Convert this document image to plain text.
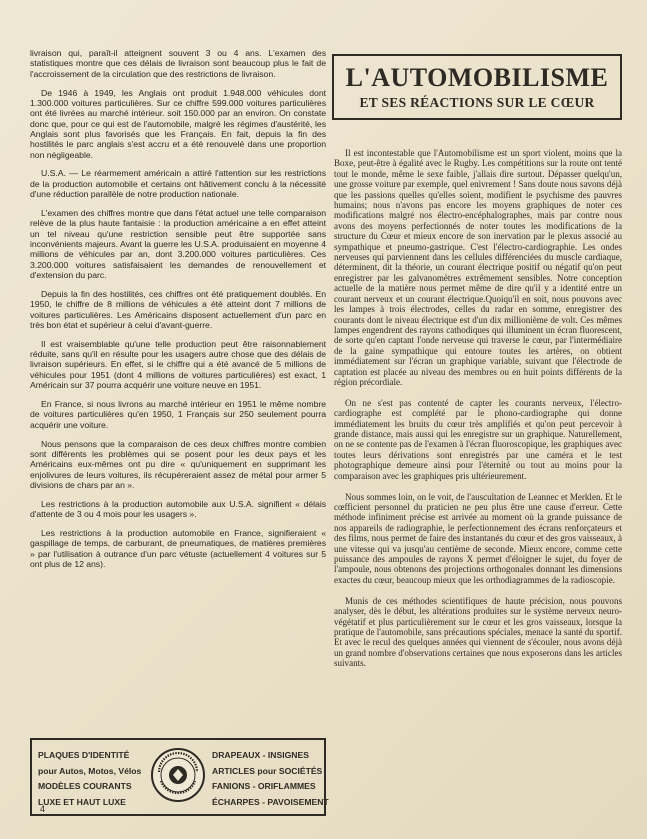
livraison qui, paraît-il atteignent souvent 3 ou 4 ans. L'examen des statistiques montre que ces délais de livraison sont beaucoup plus le fait de l'accroissement de la circulation que des restrictions de livraison.

De 1946 à 1949, les Anglais ont produit 1.948.000 véhicules dont 1.300.000 voitures particulières. Sur ce chiffre 599.000 voitures particulières ont été livrées au marché intérieur. soit 150.000 par an environ. On constate donc que, pour ce qui est de l'automobile, malgré les régimes d'austérité, les Anglais sont plus favorisés que les Français. En fait, depuis la fin des hostilités le parc anglais s'est accru et a été renouvelé dans une proportion non négligeable.

U.S.A. — Le réarmement américain a attiré l'attention sur les restrictions de la production automobile et certains ont hâtivement conclu à la nécessité d'une réduction parallèle de notre production nationale.

L'examen des chiffres montre que dans l'état actuel une telle comparaison relève de la plus haute fantaisie : la production américaine a en effet atteint un tel niveau qu'une restriction sensible peut être supportée sans inconvénients majeurs. Avant la guerre les U.S.A. produisaient en moyenne 4 millions de véhicules par an, dont 3.200.000 voitures particulières. Ces 3.200.000 voitures satisfaisaient les demandes de renouvellement et d'extension du parc.

Depuis la fin des hostilités, ces chiffres ont été pratiquement doublés. En 1950, le chiffre de 8 millions de véhicules a été atteint dont 7 millions de voitures particulières. Les Américains disposent actuellement d'un parc en très bon état et supérieur à celui d'avant-guerre.

Il est vraisemblable qu'une telle production peut être raisonnablement réduite, sans qu'il en résulte pour les usagers autre chose que des délais de livraison supérieurs. En effet, si le chiffre qui a été avancé de 5 millions de véhicules pour 1951 (dont 4 millions de voitures particulières) est exact, 1 Américain sur 37 pourra acquérir une voiture neuve en 1951.

En France, si nous livrons au marché intérieur en 1951 le même nombre de voitures particulières qu'en 1950, 1 Français sur 250 seulement pourra acquérir une voiture.

Nous pensons que la comparaison de ces deux chiffres montre combien sont différents les problèmes qui se posent pour les deux pays et les Américains eux-mêmes ont pu dire « qu'uniquement en supprimant les enjolivures de leurs voitures, ils récupéreraient assez de métal pour armer 5 divisions de chars par an ».

Les restrictions à la production automobile aux U.S.A. signifient « délais d'attente de 3 ou 4 mois pour les usagers ».

Les restrictions à la production automobile en France, signifieraient « gaspillage de temps, de carburant, de pneumatiques, de matières premières » par l'utilisation à outrance d'un parc vétuste (actuellement 4 voitures sur 5 ont plus de 12 ans).

L'AUTOMOBILISME
ET SES RÉACTIONS SUR LE CŒUR

Il est incontestable que l'Automobilisme est un sport violent, moins que la Boxe, peut-être à égalité avec le Rugby. Les compétitions sur la route ont tenté tout le monde, même le sexe faible, j'allais dire surtout. Dépasser quelqu'un, une grosse voiture par exemple, quel enivrement ! Sans doute nous savons déjà que les passions quelles qu'elles soient, modifient le psychisme des pauvres humains; nous n'avons pas encore les moyens graphiques de noter ces modifications malgré nos électro-encéphalographes, mais par contre nous avons des moyens perfectionnés de noter toutes les modifications de la structure du Cœur et mieux encore de son inervation par le plexus associé au sympathique et pneumo-gastrique. C'est l'électro-cardiographie. Les ondes nerveuses qui parviennent dans les cellules différenciées du muscle cardiaque, déterminent, dit la théorie, un courant électrique positif ou négatif qu'on peut enregistrer par les galvanomètres extrêmement sensibles. Notre conception actuelle de la matière nous permet même de dire qu'il y a identité entre un courant nerveux et un courant électrique.Quoiqu'il en soit, nous pouvons avec les lampes à trois électrodes, celles du radar en somme, enregistrer des courants dont le niveau électrique est d'un dix millionième de volt. Ces mêmes lampes engendrent des rayons cathodiques qui illuminent un écran fluorescent, de sorte qu'en captant l'onde nerveuse qui traverse le cœur, par l'intermédiaire de la gaine sympathique qui entoure toutes les artères, on obtient immédiatement sur l'écran un graphique variable, suivant que l'électrode de captation est placée au niveau des membres ou en huit points différents de la région précordiale.

On ne s'est pas contenté de capter les courants nerveux, l'électro-cardiographe est complété par le phono-cardiographe qui donne immédiatement les bruits du cœur très amplifiés et qu'on peut percevoir à grande distance, mais aussi qui les enregistre sur un graphique. Naturellement, on ne se contente pas de l'examen à l'écran fluoroscopique, les graphiques avec toutes leurs dérivations sont enregistrés par une caméra et le test photographique demeure ainsi pour l'éternité ou tout au moins pour la comparaison avec les graphiques pris ultérieurement.

Nous sommes loin, on le voit, de l'auscultation de Leannec et Merklen. Et le cœfficient personnel du praticien ne peu plus être une cause d'erreur. Cette méthode infiniment précise est arrivée au moment où la grande puissance de nos appareils de radiographie, le perfectionnement des écrans renforçateurs et des films, nous permet de faire des instantanés du cœur et des gros vaisseaux, à une vitesse qui va jusqu'au centième de seconde. Mieux encore, comme cette puissance des ampoules de rayons X permet d'éloigner le sujet, du foyer de l'ampoule, nous obtenons des projections orthogonales donnant les dimensions exactes du cœur, beaucoup mieux que les orthodiagrammes de la radioscopie.

Munis de ces méthodes scientifiques de haute précision, nous pouvons analyser, dès le début, les altérations produites sur le système nerveux neuro-végétatif et plus particulièrement sur le cœur et les gros vaisseaux, lorsque la pratique de l'automobile, sans précautions spéciales, menace la santé du sportif. Et avec le recul des quelques années qui viennent de s'écouler, nous avons déjà un grand nombre d'observations certaines que nous exposerons dans les articles suivants.

PLAQUES D'IDENTITÉ
pour Autos, Motos, Vélos
MODÈLES COURANTS
LUXE ET HAUT LUXE
DRAPEAUX - INSIGNES
ARTICLES pour SOCIÉTÉS
FANIONS - ORIFLAMMES
ÉCHARPES - PAVOISEMENT
4
